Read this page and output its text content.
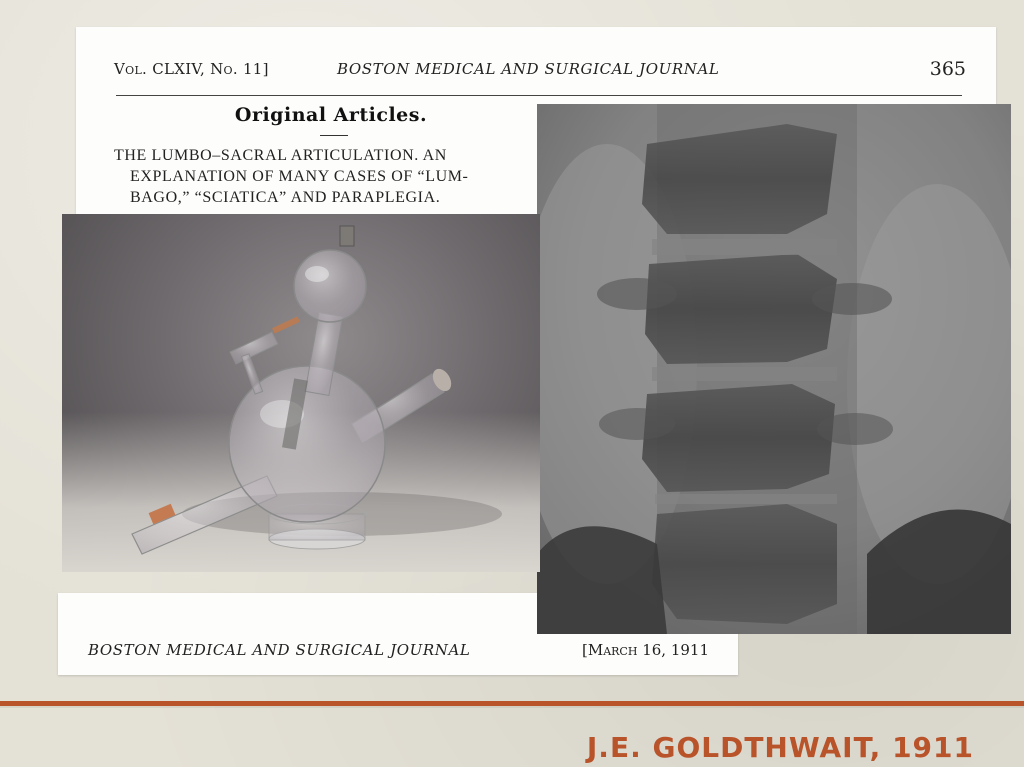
Vol. CLXIV, No. 11]	BOSTON MEDICAL AND SURGICAL JOURNAL	365
Original Articles.
THE LUMBO–SACRAL ARTICULATION. AN
EXPLANATION OF MANY CASES OF “LUM-
BAGO,” “SCIATICA” AND PARAPLEGIA.
BOSTON MEDICAL AND SURGICAL JOURNAL	[March 16, 1911
J.E. GOLDTHWAIT, 1911
